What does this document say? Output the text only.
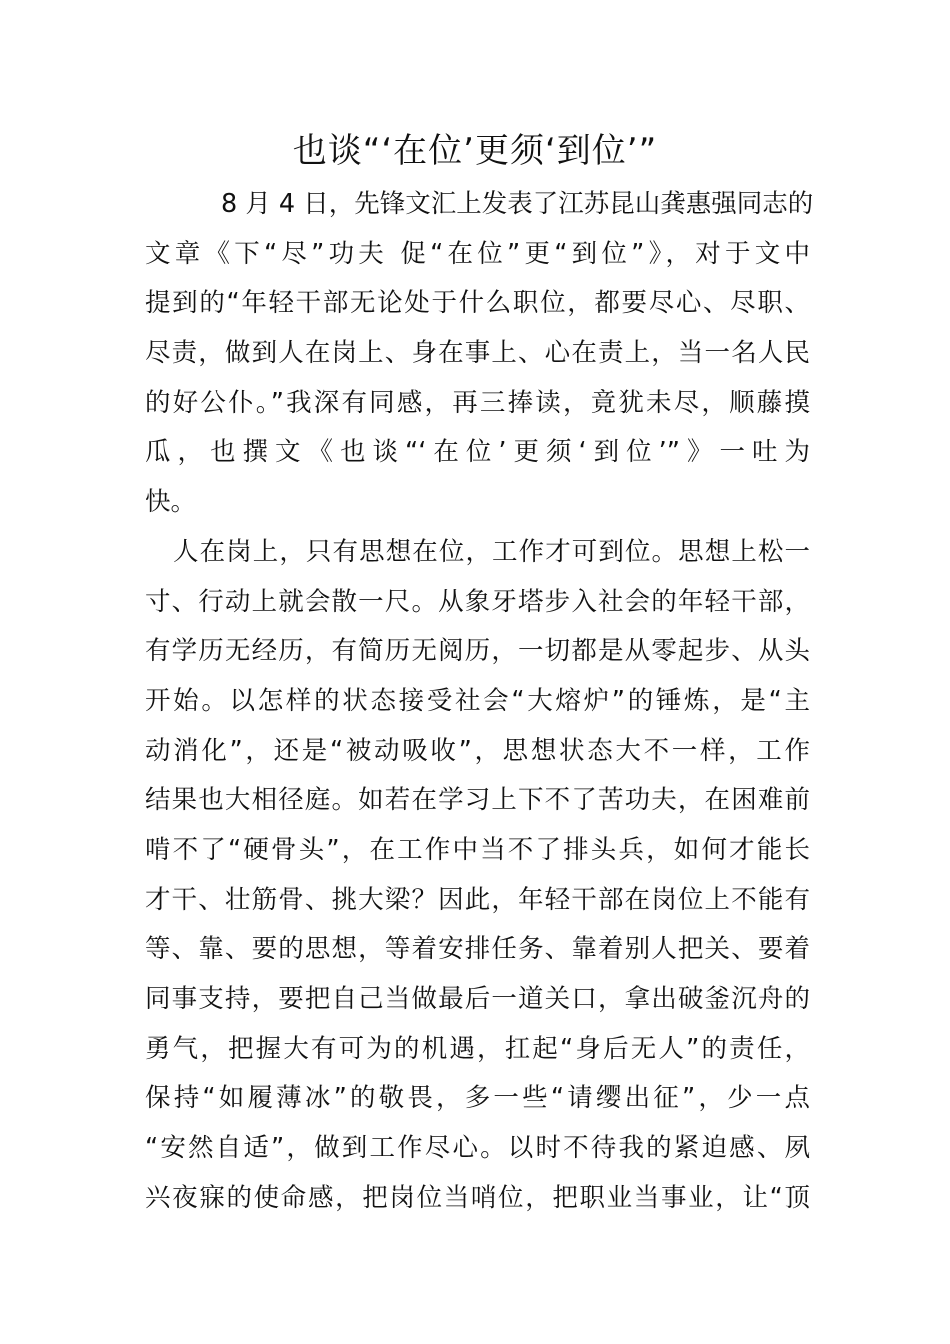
也谈“‘在位’更须‘到位’”
8 月 4 日，先锋文汇上发表了江苏昆山龚惠强同志的
文章《下“尽”功夫 促“在位”更“到位”》，对于文中
提到的“年轻干部无论处于什么职位，都要尽心、尽职、
尽责，做到人在岗上、身在事上、心在责上，当一名人民
的好公仆。”我深有同感，再三捧读，竟犹未尽，顺藤摸
瓜，也撰文《也谈“‘在位’更须‘到位’”》一吐为
快。
人在岗上，只有思想在位，工作才可到位。思想上松一
寸、行动上就会散一尺。从象牙塔步入社会的年轻干部，
有学历无经历，有简历无阅历，一切都是从零起步、从头
开始。以怎样的状态接受社会“大熔炉”的锤炼，是“主
动消化”，还是“被动吸收”，思想状态大不一样，工作
结果也大相径庭。如若在学习上下不了苦功夫，在困难前
啃不了“硬骨头”，在工作中当不了排头兵，如何才能长
才干、壮筋骨、挑大梁？因此，年轻干部在岗位上不能有
等、靠、要的思想，等着安排任务、靠着别人把关、要着
同事支持，要把自己当做最后一道关口，拿出破釜沉舟的
勇气，把握大有可为的机遇，扛起“身后无人”的责任，
保持“如履薄冰”的敬畏，多一些“请缨出征”，少一点
“安然自适”，做到工作尽心。以时不待我的紧迫感、夙
兴夜寐的使命感，把岗位当哨位，把职业当事业，让“顶
